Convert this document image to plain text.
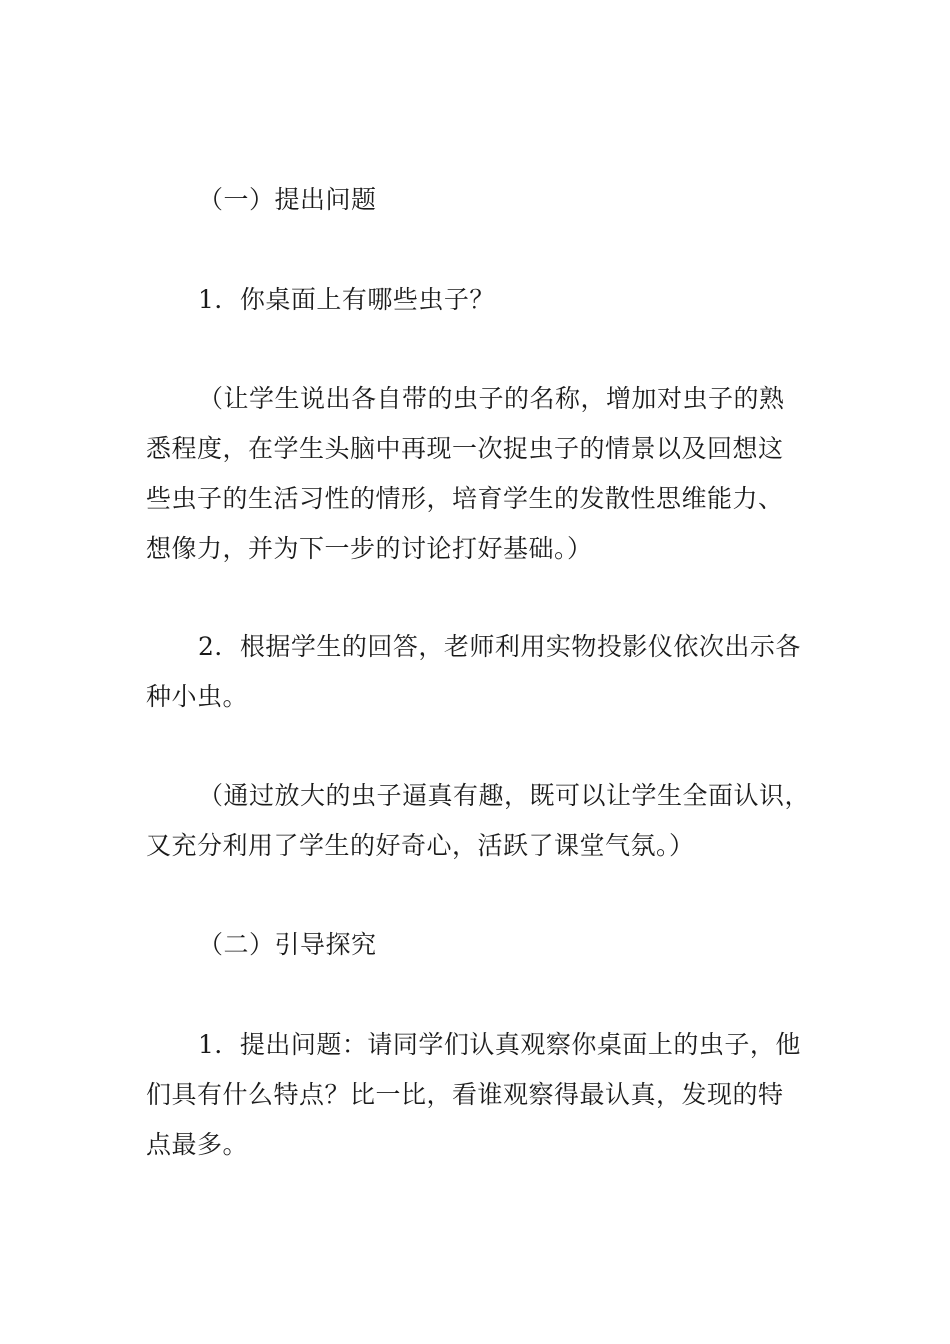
（一）提出问题

1．你桌面上有哪些虫子？

（让学生说出各自带的虫子的名称，增加对虫子的熟
悉程度，在学生头脑中再现一次捉虫子的情景以及回想这
些虫子的生活习性的情形，培育学生的发散性思维能力、
想像力，并为下一步的讨论打好基础。）

2．根据学生的回答，老师利用实物投影仪依次出示各
种小虫。

（通过放大的虫子逼真有趣，既可以让学生全面认识，
又充分利用了学生的好奇心，活跃了课堂气氛。）

（二）引导探究

1．提出问题：请同学们认真观察你桌面上的虫子，他
们具有什么特点？比一比，看谁观察得最认真，发现的特
点最多。
